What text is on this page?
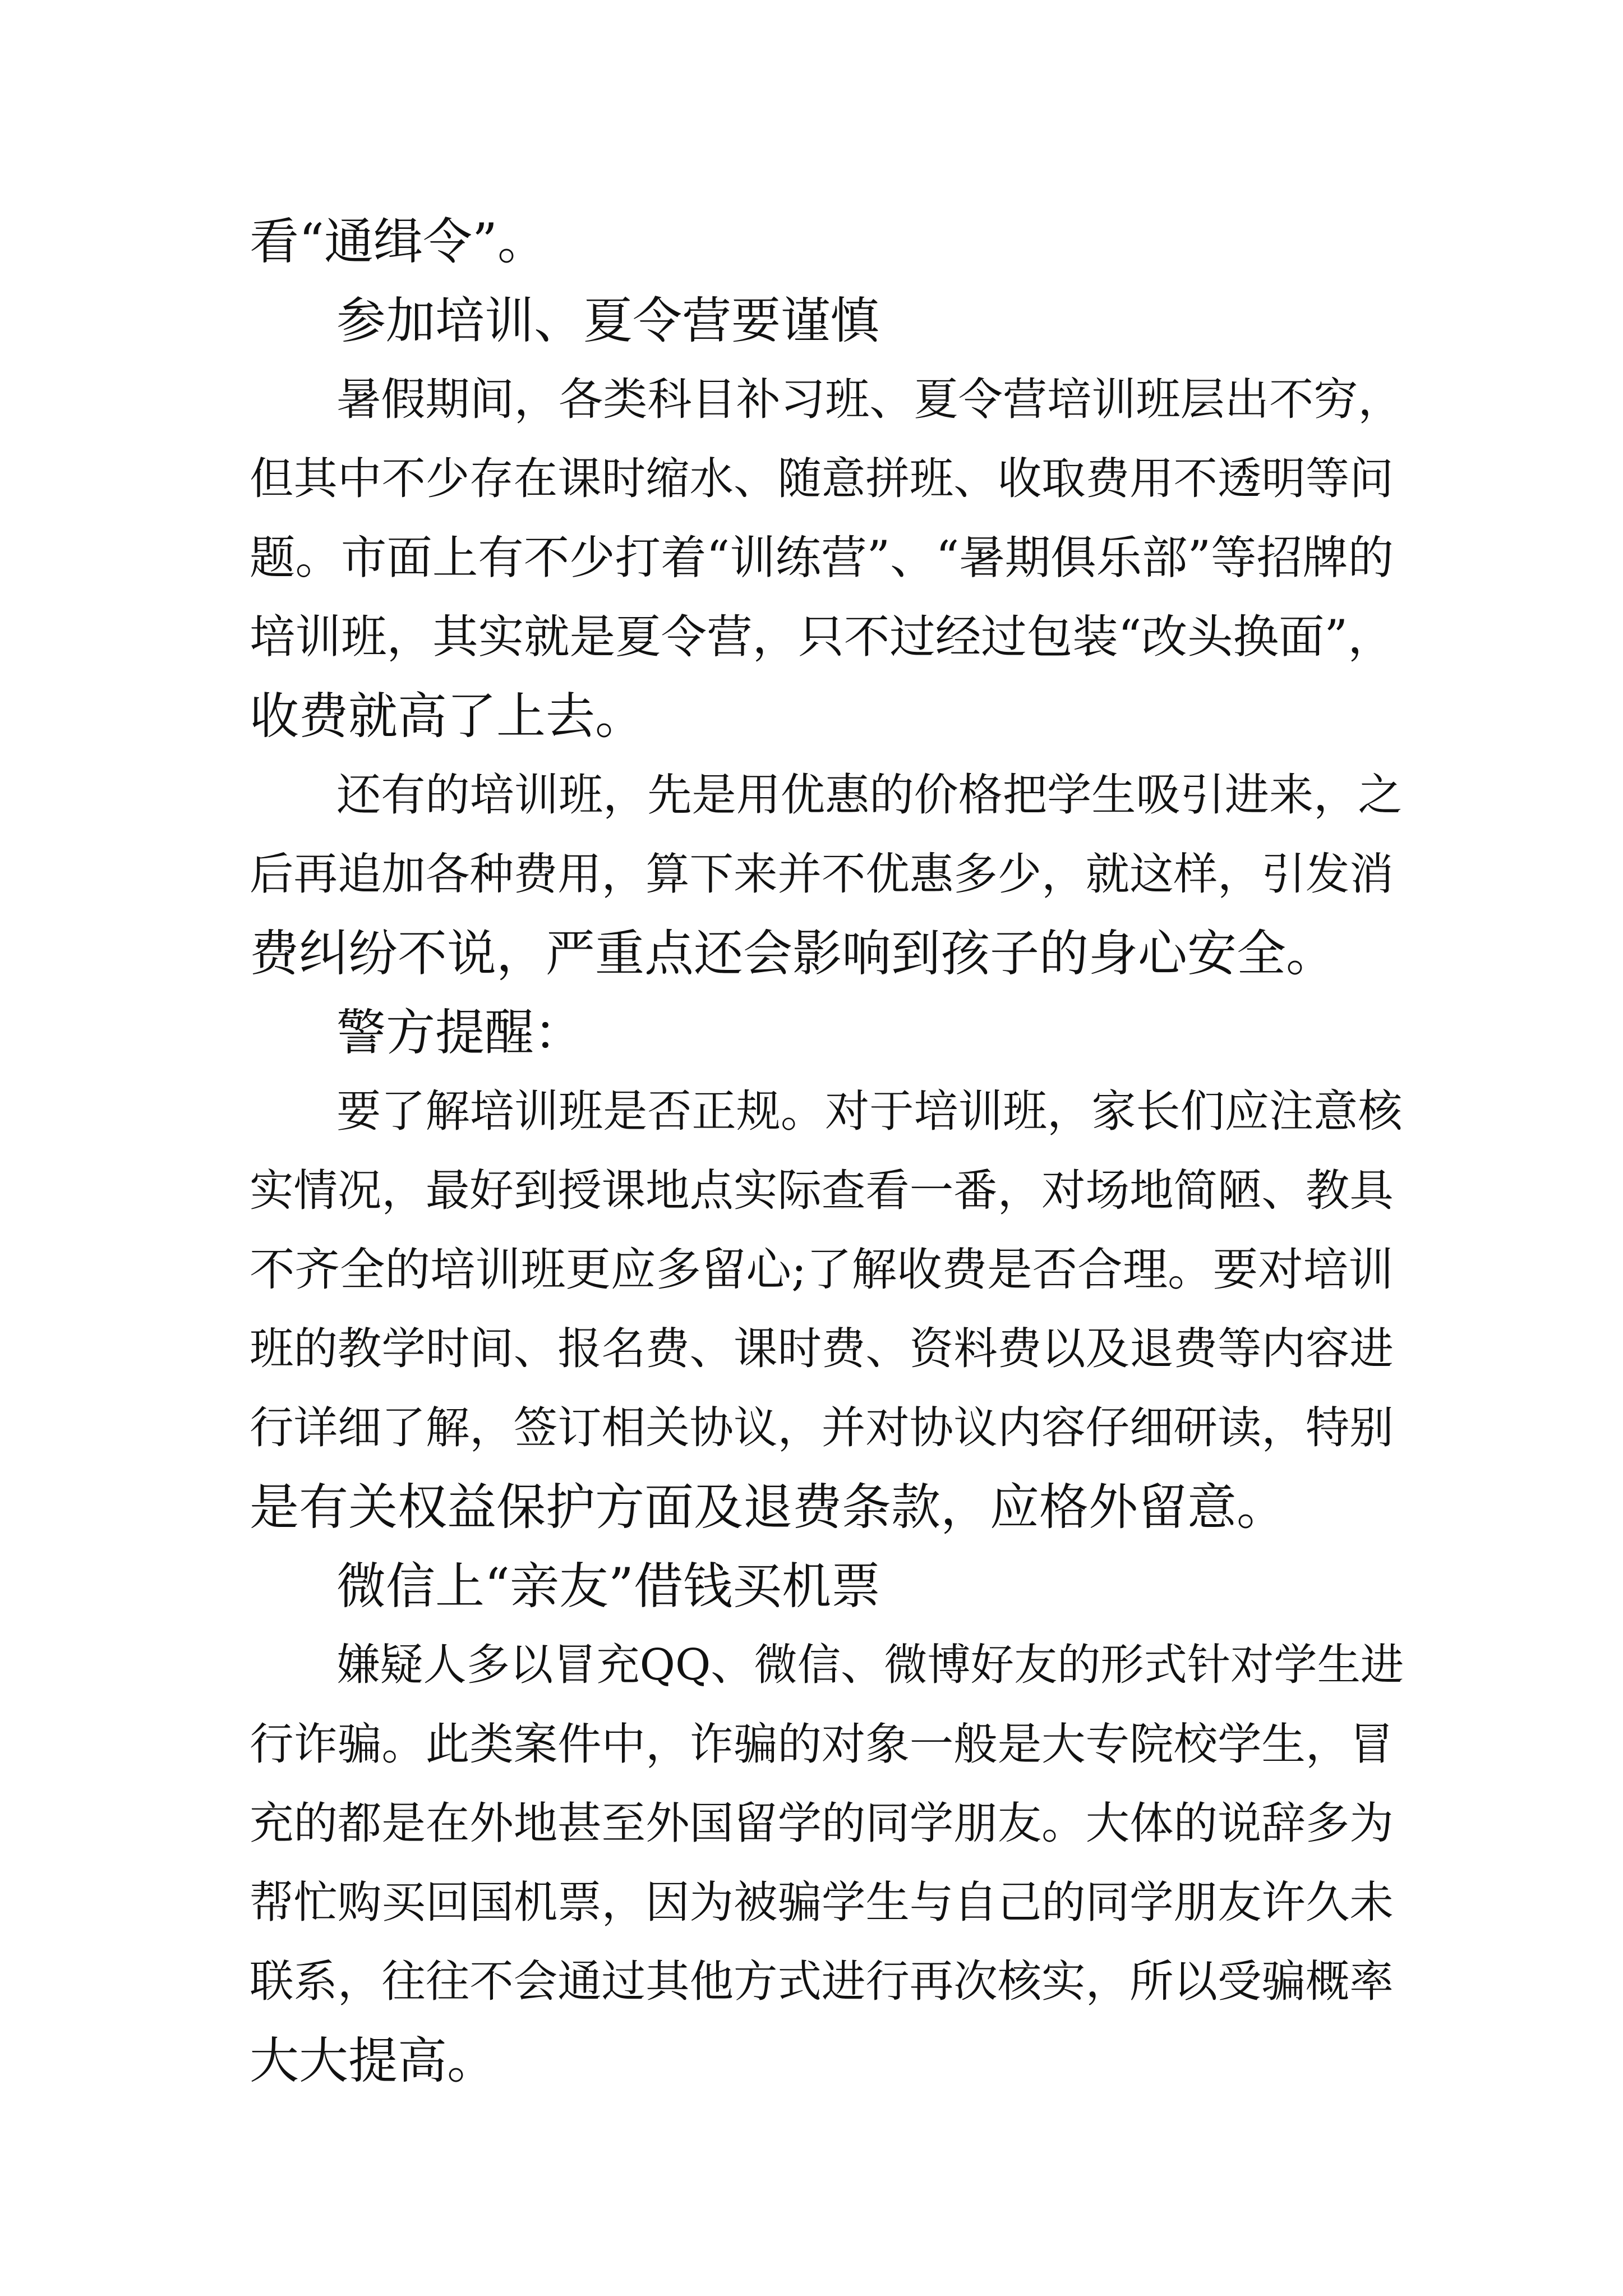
看“通缉令”。
参加培训、夏令营要谨慎
暑 假 期 间 ， 各 类 科 目 补 习 班 、 夏 令 营 培 训 班 层 出 不 穷 ，
但 其 中 不 少 存 在 课 时 缩 水 、 随 意 拼 班 、 收 取 费 用 不 透 明 等 问
题 。 市 面 上 有 不 少 打 着 “ 训 练 营 ” 、 “ 暑 期 俱 乐 部 ” 等 招 牌 的
培 训 班 ， 其 实 就 是 夏 令 营 ， 只 不 过 经 过 包 装 “ 改 头 换 面 ” ，
收费就高了上去。
还 有 的 培 训 班 ， 先 是 用 优 惠 的 价 格 把 学 生 吸 引 进 来 ， 之
后 再 追 加 各 种 费 用 ， 算 下 来 并 不 优 惠 多 少 ， 就 这 样 ， 引 发 消
费纠纷不说，严重点还会影响到孩子的身心安全。
警方提醒：
要 了 解 培 训 班 是 否 正 规 。 对 于 培 训 班 ， 家 长 们 应 注 意 核
实 情 况 ， 最 好 到 授 课 地 点 实 际 查 看 一 番 ， 对 场 地 简 陋 、 教 具
不 齐 全 的 培 训 班 更 应 多 留 心 ; 了 解 收 费 是 否 合 理 。 要 对 培 训
班 的 教 学 时 间 、 报 名 费 、 课 时 费 、 资 料 费 以 及 退 费 等 内 容 进
行 详 细 了 解 ， 签 订 相 关 协 议 ， 并 对 协 议 内 容 仔 细 研 读 ， 特 别
是有关权益保护方面及退费条款，应格外留意。
微信上“亲友”借钱买机票
嫌 疑 人 多 以 冒 充 Q Q 、 微 信 、 微 博 好 友 的 形 式 针 对 学 生 进
行 诈 骗 。 此 类 案 件 中 ， 诈 骗 的 对 象 一 般 是 大 专 院 校 学 生 ， 冒
充 的 都 是 在 外 地 甚 至 外 国 留 学 的 同 学 朋 友 。 大 体 的 说 辞 多 为
帮 忙 购 买 回 国 机 票 ， 因 为 被 骗 学 生 与 自 己 的 同 学 朋 友 许 久 未
联 系 ， 往 往 不 会 通 过 其 他 方 式 进 行 再 次 核 实 ， 所 以 受 骗 概 率
大大提高。
